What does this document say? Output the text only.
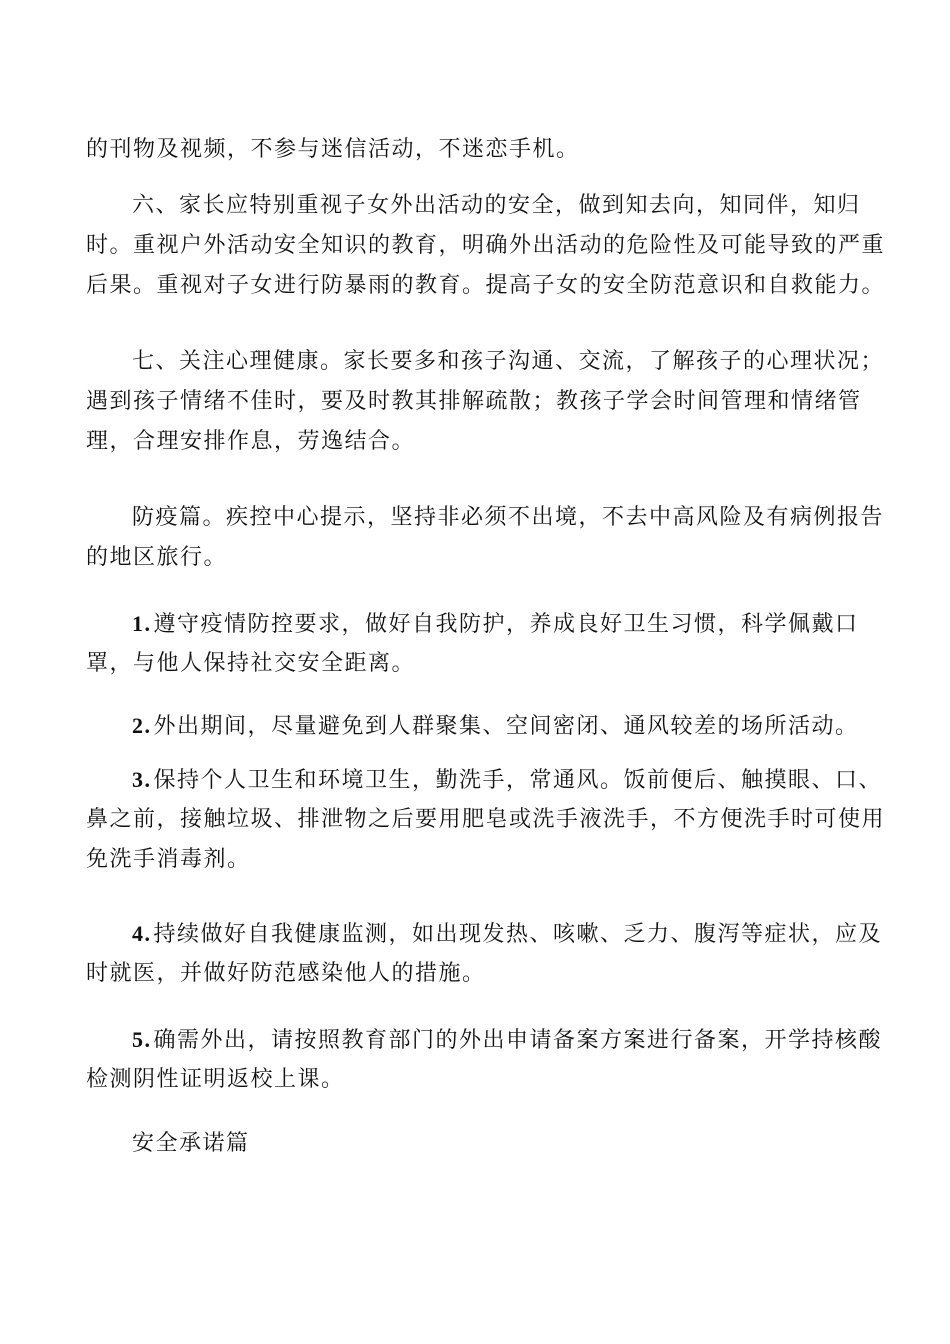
的刊物及视频，不参与迷信活动，不迷恋手机。
六、家长应特别重视子女外出活动的安全，做到知去向，知同伴，知归
时。重视户外活动安全知识的教育，明确外出活动的危险性及可能导致的严重
后果。重视对子女进行防暴雨的教育。提高子女的安全防范意识和自救能力。
七、关注心理健康。家长要多和孩子沟通、交流，了解孩子的心理状况；
遇到孩子情绪不佳时，要及时教其排解疏散；教孩子学会时间管理和情绪管
理，合理安排作息，劳逸结合。
防疫篇。疾控中心提示，坚持非必须不出境，不去中高风险及有病例报告
的地区旅行。
1.遵守疫情防控要求，做好自我防护，养成良好卫生习惯，科学佩戴口
罩，与他人保持社交安全距离。
2.外出期间，尽量避免到人群聚集、空间密闭、通风较差的场所活动。
3.保持个人卫生和环境卫生，勤洗手，常通风。饭前便后、触摸眼、口、
鼻之前，接触垃圾、排泄物之后要用肥皂或洗手液洗手，不方便洗手时可使用
免洗手消毒剂。
4.持续做好自我健康监测，如出现发热、咳嗽、乏力、腹泻等症状，应及
时就医，并做好防范感染他人的措施。
5.确需外出，请按照教育部门的外出申请备案方案进行备案，开学持核酸
检测阴性证明返校上课。
安全承诺篇
